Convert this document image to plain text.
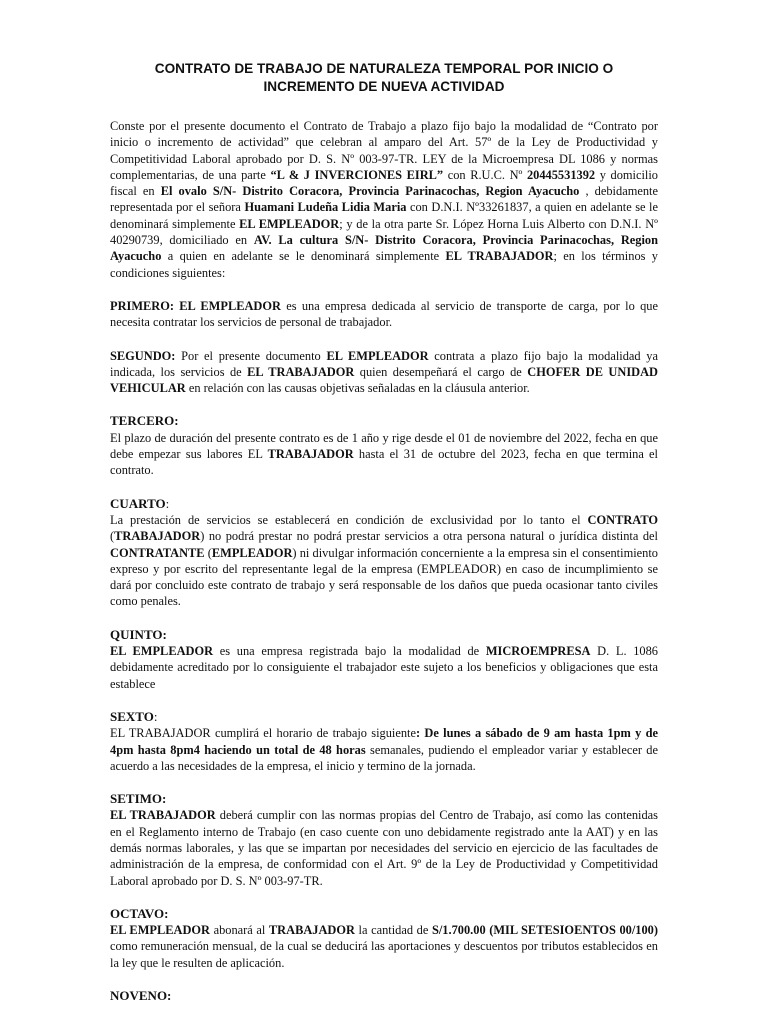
CONTRATO DE TRABAJO DE NATURALEZA TEMPORAL POR INICIO O INCREMENTO DE NUEVA ACTIVIDAD
Conste por el presente documento el Contrato de Trabajo a plazo fijo bajo la modalidad de “Contrato por inicio o incremento de actividad” que celebran al amparo del Art. 57º de la Ley de Productividad y Competitividad Laboral aprobado por D. S. Nº 003-97-TR. LEY de la Microempresa DL 1086 y normas complementarias, de una parte “L & J INVERCIONES EIRL” con R.U.C. Nº 20445531392 y domicilio fiscal en El ovalo S/N- Distrito Coracora, Provincia Parinacochas, Region Ayacucho , debidamente representada por el señora Huamani Ludeña Lidia Maria con D.N.I. Nº33261837, a quien en adelante se le denominará simplemente EL EMPLEADOR; y de la otra parte Sr. López Horna Luis Alberto con D.N.I. Nº 40290739, domiciliado en AV. La cultura S/N- Distrito Coracora, Provincia Parinacochas, Region Ayacucho a quien en adelante se le denominará simplemente EL TRABAJADOR; en los términos y condiciones siguientes:
PRIMERO: EL EMPLEADOR es una empresa dedicada al servicio de transporte de carga, por lo que necesita contratar los servicios de personal de trabajador.
SEGUNDO: Por el presente documento EL EMPLEADOR contrata a plazo fijo bajo la modalidad ya indicada, los servicios de EL TRABAJADOR quien desempeñará el cargo de CHOFER DE UNIDAD VEHICULAR en relación con las causas objetivas señaladas en la cláusula anterior.
TERCERO:
El plazo de duración del presente contrato es de 1 año y rige desde el 01 de noviembre del 2022, fecha en que debe empezar sus labores EL TRABAJADOR hasta el 31 de octubre del 2023, fecha en que termina el contrato.
CUARTO:
La prestación de servicios se establecerá en condición de exclusividad por lo tanto el CONTRATO (TRABAJADOR) no podrá prestar no podrá prestar servicios a otra persona natural o jurídica distinta del CONTRATANTE (EMPLEADOR) ni divulgar información concerniente a la empresa sin el consentimiento expreso y por escrito del representante legal de la empresa (EMPLEADOR) en caso de incumplimiento se dará por concluido este contrato de trabajo y será responsable de los daños que pueda ocasionar tanto civiles como penales.
QUINTO:
EL EMPLEADOR es una empresa registrada bajo la modalidad de MICROEMPRESA D. L. 1086 debidamente acreditado por lo consiguiente el trabajador este sujeto a los beneficios y obligaciones que esta establece
SEXTO:
EL TRABAJADOR cumplirá el horario de trabajo siguiente: De lunes a sábado de 9 am hasta 1pm y de 4pm hasta 8pm4 haciendo un total de 48 horas semanales, pudiendo el empleador variar y establecer de acuerdo a las necesidades de la empresa, el inicio y termino de la jornada.
SETIMO:
EL TRABAJADOR deberá cumplir con las normas propias del Centro de Trabajo, así como las contenidas en el Reglamento interno de Trabajo (en caso cuente con uno debidamente registrado ante la AAT) y en las demás normas laborales, y las que se impartan por necesidades del servicio en ejercicio de las facultades de administración de la empresa, de conformidad con el Art. 9º de la Ley de Productividad y Competitividad Laboral aprobado por D. S. Nº 003-97-TR.
OCTAVO:
EL EMPLEADOR abonará al TRABAJADOR la cantidad de S/1.700.00 (MIL SETESIOENTOS 00/100) como remuneración mensual, de la cual se deducirá las aportaciones y descuentos por tributos establecidos en la ley que le resulten de aplicación.
NOVENO:
